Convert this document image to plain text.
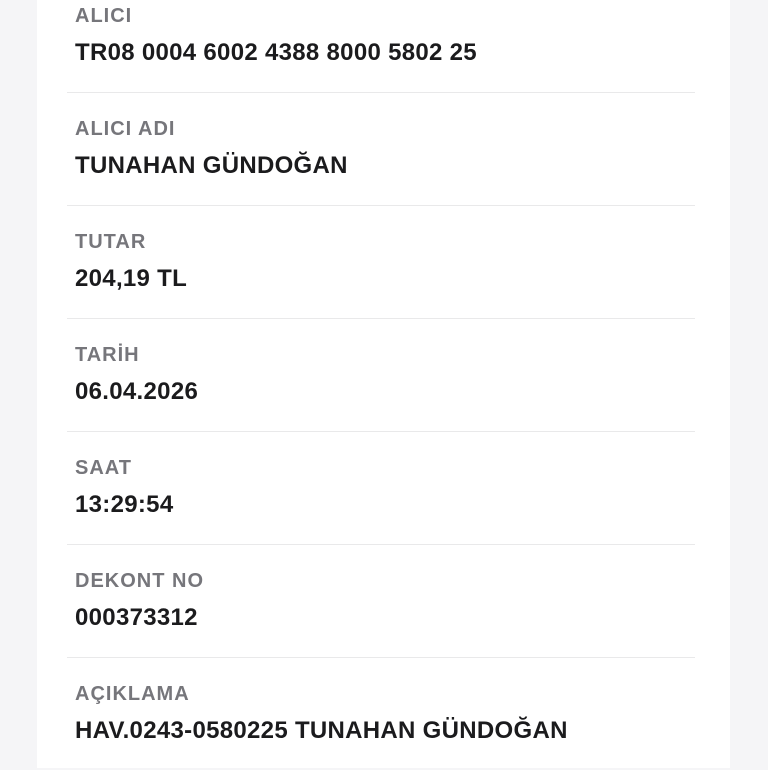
ALICI
TR08 0004 6002 4388 8000 5802 25
ALICI ADI
TUNAHAN GÜNDOĞAN
TUTAR
204,19 TL
TARİH
06.04.2026
SAAT
13:29:54
DEKONT NO
000373312
AÇIKLAMA
HAV.0243-0580225 TUNAHAN GÜNDOĞAN
